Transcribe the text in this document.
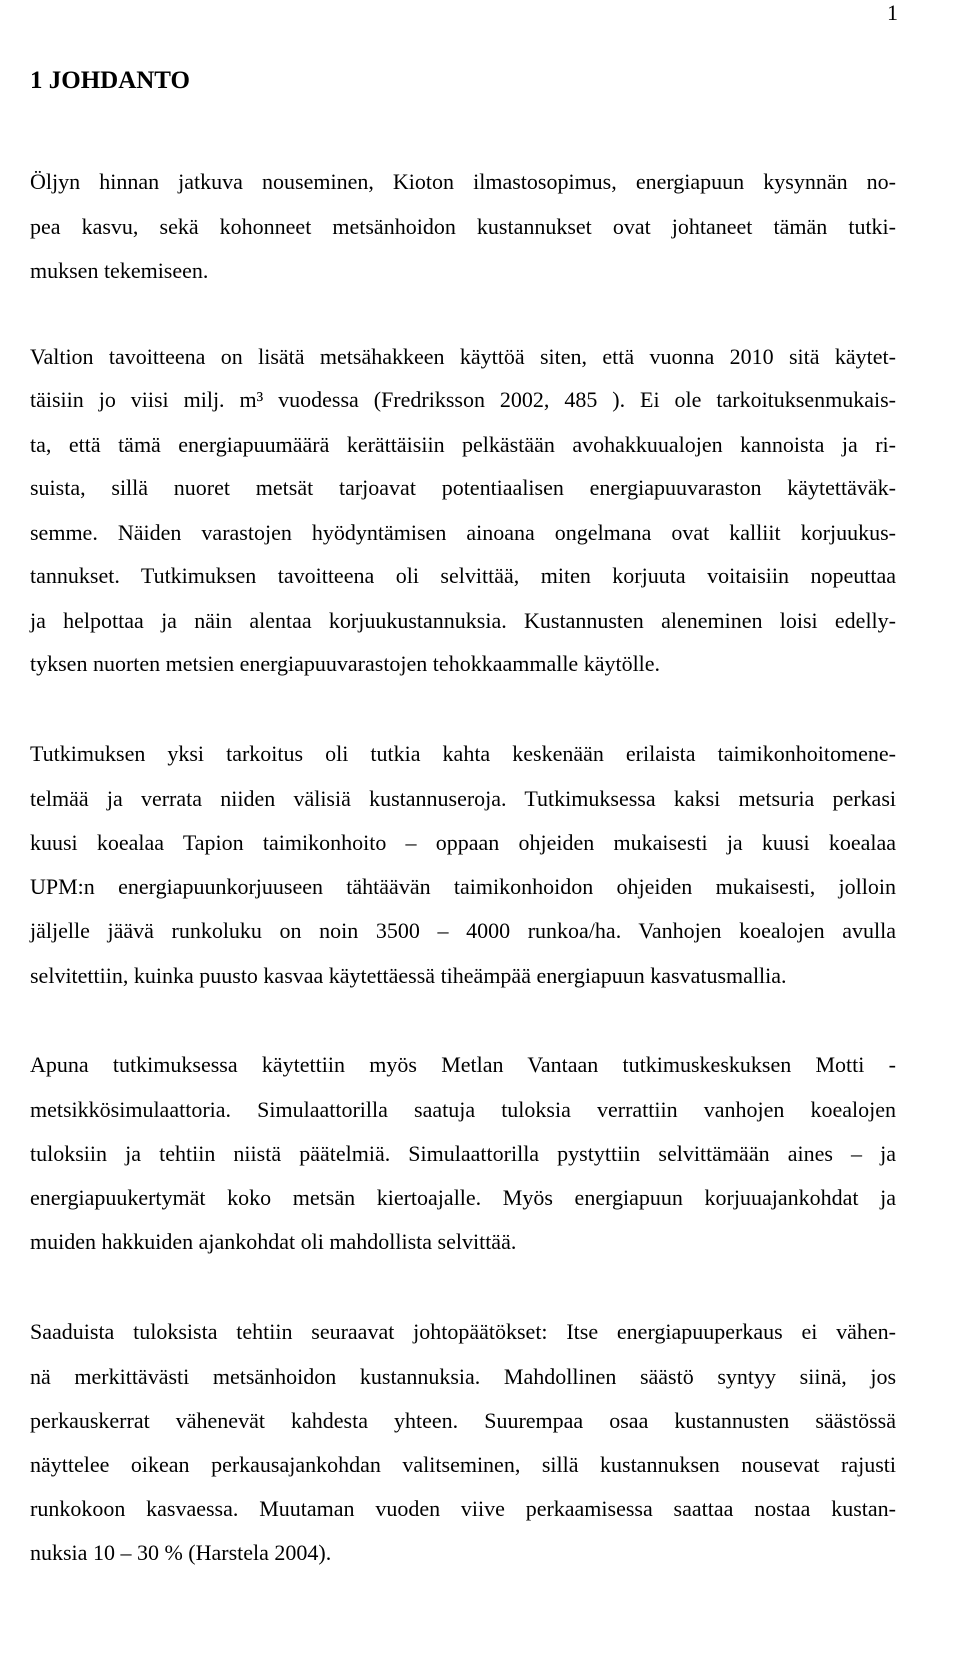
1
1 JOHDANTO
Öljyn hinnan jatkuva nouseminen, Kioton ilmastosopimus, energiapuun kysynnän no-
pea kasvu, sekä kohonneet metsänhoidon kustannukset ovat johtaneet tämän tutki-
muksen tekemiseen.
Valtion tavoitteena on lisätä metsähakkeen käyttöä siten, että vuonna 2010 sitä käytet-
täisiin jo viisi milj. m³ vuodessa (Fredriksson 2002, 485 ). Ei ole tarkoituksenmukais-
ta, että tämä energiapuumäärä kerättäisiin pelkästään avohakkuualojen kannoista ja ri-
suista, sillä nuoret metsät tarjoavat potentiaalisen energiapuuvaraston käytettäväk-
semme. Näiden varastojen hyödyntämisen ainoana ongelmana ovat kalliit korjuukus-
tannukset. Tutkimuksen tavoitteena oli selvittää, miten korjuuta voitaisiin nopeuttaa
ja helpottaa ja näin alentaa korjuukustannuksia. Kustannusten aleneminen loisi edelly-
tyksen nuorten metsien energiapuuvarastojen tehokkaammalle käytölle.
Tutkimuksen yksi tarkoitus oli tutkia kahta keskenään erilaista taimikonhoitomene-
telmää ja verrata niiden välisiä kustannuseroja. Tutkimuksessa kaksi metsuria perkasi
kuusi koealaa Tapion taimikonhoito – oppaan ohjeiden mukaisesti ja kuusi koealaa
UPM:n energiapuunkorjuuseen tähtäävän taimikonhoidon ohjeiden mukaisesti, jolloin
jäljelle jäävä runkoluku on noin 3500 – 4000 runkoa/ha. Vanhojen koealojen avulla
selvitettiin, kuinka puusto kasvaa käytettäessä tiheämpää energiapuun kasvatusmallia.
Apuna tutkimuksessa käytettiin myös Metlan Vantaan tutkimuskeskuksen Motti -
metsikkösimulaattoria. Simulaattorilla saatuja tuloksia verrattiin vanhojen koealojen
tuloksiin ja tehtiin niistä päätelmiä. Simulaattorilla pystyttiin selvittämään aines – ja
energiapuukertymät koko metsän kiertoajalle. Myös energiapuun korjuuajankohdat ja
muiden hakkuiden ajankohdat oli mahdollista selvittää.
Saaduista tuloksista tehtiin seuraavat johtopäätökset: Itse energiapuuperkaus ei vähen-
nä merkittävästi metsänhoidon kustannuksia. Mahdollinen säästö syntyy siinä, jos
perkauskerrat vähenevät kahdesta yhteen. Suurempaa osaa kustannusten säästössä
näyttelee oikean perkausajankohdan valitseminen, sillä kustannuksen nousevat rajusti
runkokoon kasvaessa. Muutaman vuoden viive perkaamisessa saattaa nostaa kustan-
nuksia 10 – 30 % (Harstela 2004).
